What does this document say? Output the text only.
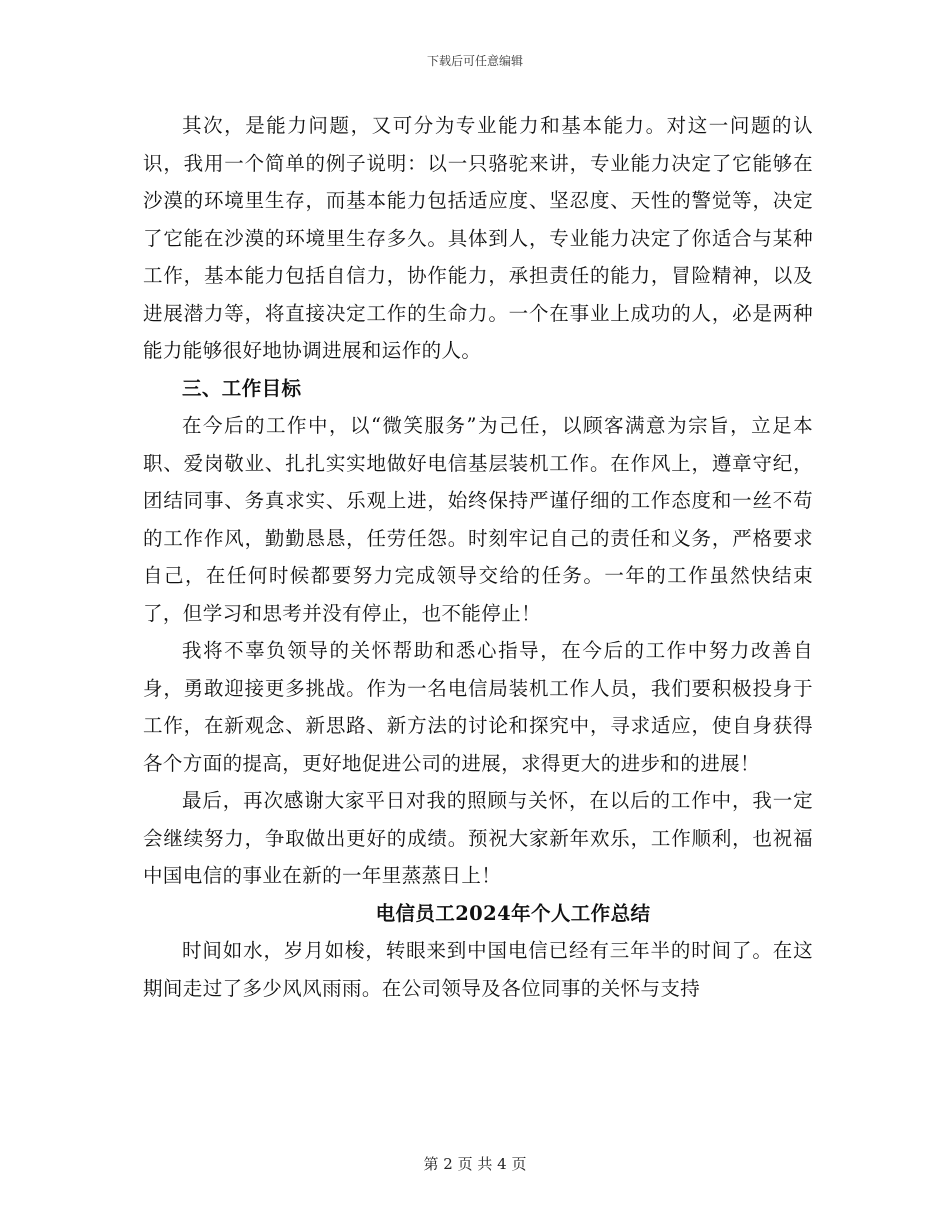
下载后可任意编辑

其次，是能力问题，又可分为专业能力和基本能力。对这一问题的认识，我用一个简单的例子说明：以一只骆驼来讲，专业能力决定了它能够在沙漠的环境里生存，而基本能力包括适应度、坚忍度、天性的警觉等，决定了它能在沙漠的环境里生存多久。具体到人，专业能力决定了你适合与某种工作，基本能力包括自信力，协作能力，承担责任的能力，冒险精神，以及进展潜力等，将直接决定工作的生命力。一个在事业上成功的人，必是两种能力能够很好地协调进展和运作的人。

三、工作目标

在今后的工作中，以“微笑服务”为己任，以顾客满意为宗旨，立足本职、爱岗敬业、扎扎实实地做好电信基层装机工作。在作风上，遵章守纪，团结同事、务真求实、乐观上进，始终保持严谨仔细的工作态度和一丝不苟的工作作风，勤勤恳恳，任劳任怨。时刻牢记自己的责任和义务，严格要求自己，在任何时候都要努力完成领导交给的任务。一年的工作虽然快结束了，但学习和思考并没有停止，也不能停止！

我将不辜负领导的关怀帮助和悉心指导，在今后的工作中努力改善自身，勇敢迎接更多挑战。作为一名电信局装机工作人员，我们要积极投身于工作，在新观念、新思路、新方法的讨论和探究中，寻求适应，使自身获得各个方面的提高，更好地促进公司的进展，求得更大的进步和的进展！

最后，再次感谢大家平日对我的照顾与关怀，在以后的工作中，我一定会继续努力，争取做出更好的成绩。预祝大家新年欢乐，工作顺利，也祝福中国电信的事业在新的一年里蒸蒸日上！

电信员工2024年个人工作总结

时间如水，岁月如梭，转眼来到中国电信已经有三年半的时间了。在这期间走过了多少风风雨雨。在公司领导及各位同事的关怀与支持

第 2 页 共 4 页
